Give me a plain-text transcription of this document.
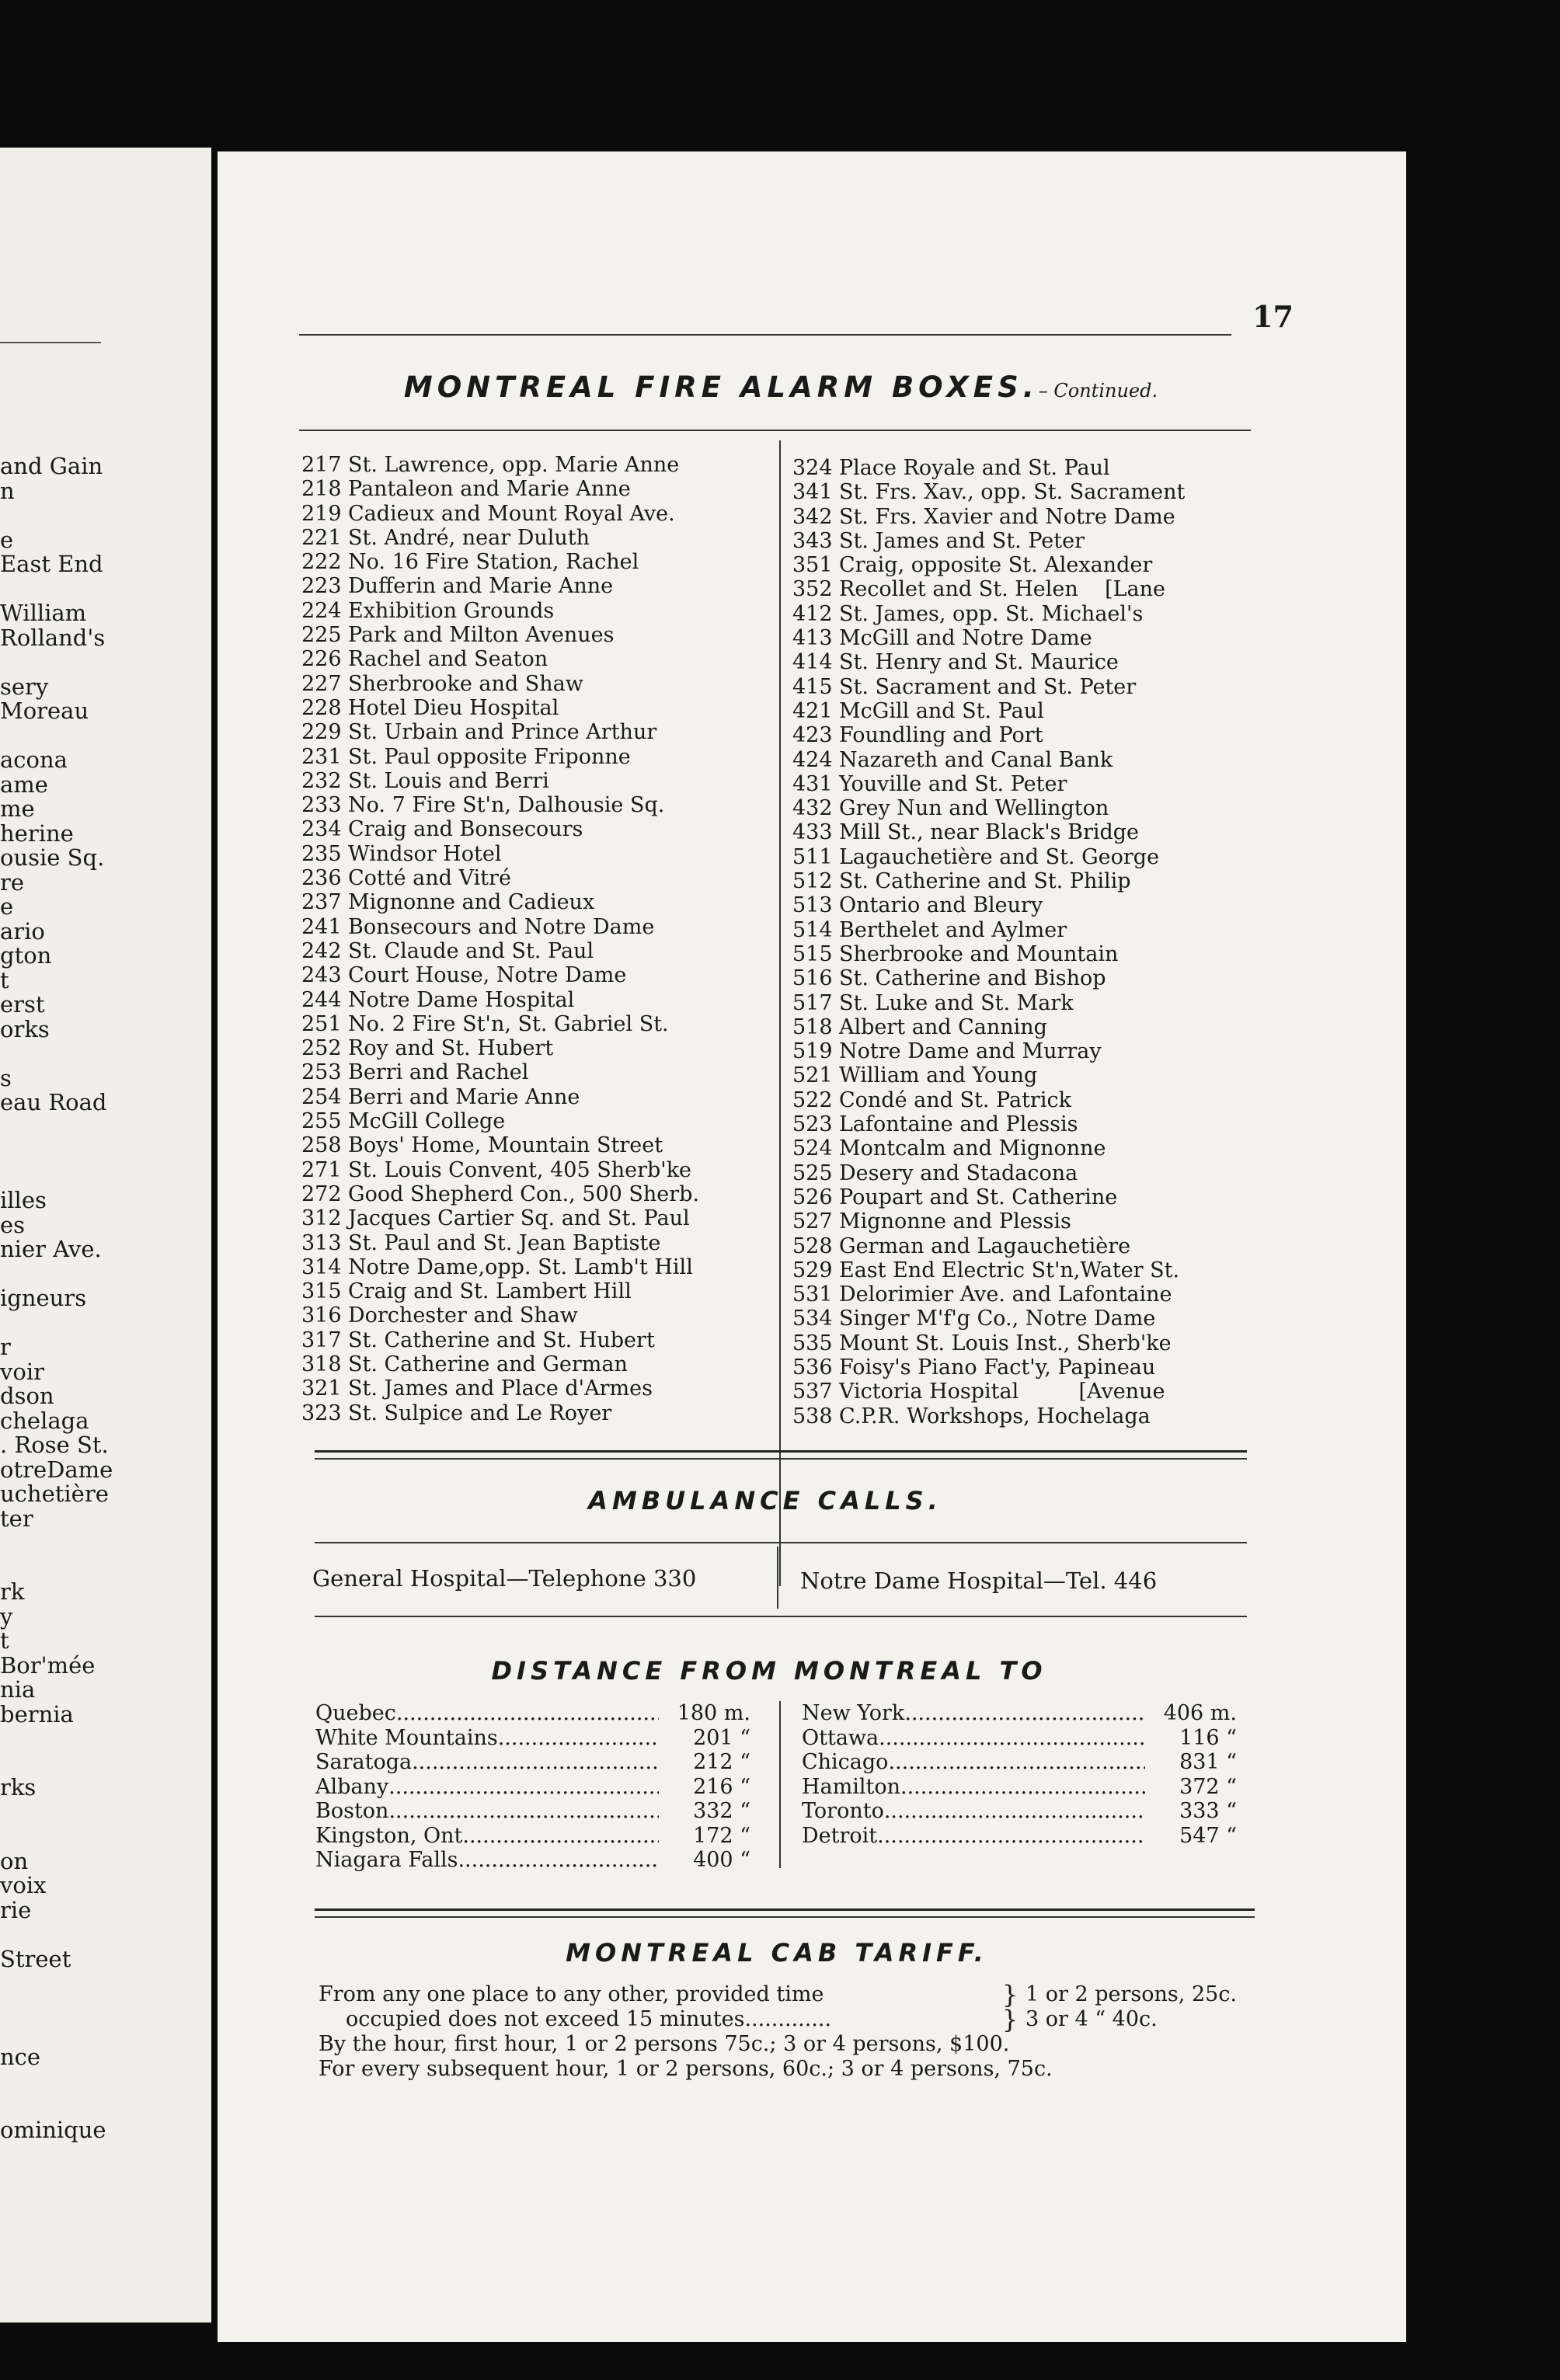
and Gain
n
e
East End
William
Rolland's
sery
Moreau
acona
ame
me
herine
ousie Sq.
re
e
ario
gton
t
erst
orks
s
eau Road
illes
es
nier Ave.
igneurs
r
voir
dson
chelaga
. Rose St.
otreDame
uchetière
ter
rk
y
t
Bor'mée
nia
bernia
rks
on
voix
rie
Street
nce
ominique
17
MONTREAL FIRE ALARM BOXES.– Continued.
217 St. Lawrence, opp. Marie Anne
218 Pantaleon and Marie Anne
219 Cadieux and Mount Royal Ave.
221 St. André, near Duluth
222 No. 16 Fire Station, Rachel
223 Dufferin and Marie Anne
224 Exhibition Grounds
225 Park and Milton Avenues
226 Rachel and Seaton
227 Sherbrooke and Shaw
228 Hotel Dieu Hospital
229 St. Urbain and Prince Arthur
231 St. Paul opposite Friponne
232 St. Louis and Berri
233 No. 7 Fire St'n, Dalhousie Sq.
234 Craig and Bonsecours
235 Windsor Hotel
236 Cotté and Vitré
237 Mignonne and Cadieux
241 Bonsecours and Notre Dame
242 St. Claude and St. Paul
243 Court House, Notre Dame
244 Notre Dame Hospital
251 No. 2 Fire St'n, St. Gabriel St.
252 Roy and St. Hubert
253 Berri and Rachel
254 Berri and Marie Anne
255 McGill College
258 Boys' Home, Mountain Street
271 St. Louis Convent, 405 Sherb'ke
272 Good Shepherd Con., 500 Sherb.
312 Jacques Cartier Sq. and St. Paul
313 St. Paul and St. Jean Baptiste
314 Notre Dame,opp. St. Lamb't Hill
315 Craig and St. Lambert Hill
316 Dorchester and Shaw
317 St. Catherine and St. Hubert
318 St. Catherine and German
321 St. James and Place d'Armes
323 St. Sulpice and Le Royer
324 Place Royale and St. Paul
341 St. Frs. Xav., opp. St. Sacrament
342 St. Frs. Xavier and Notre Dame
343 St. James and St. Peter
351 Craig, opposite St. Alexander
352 Recollet and St. Helen    [Lane
412 St. James, opp. St. Michael's
413 McGill and Notre Dame
414 St. Henry and St. Maurice
415 St. Sacrament and St. Peter
421 McGill and St. Paul
423 Foundling and Port
424 Nazareth and Canal Bank
431 Youville and St. Peter
432 Grey Nun and Wellington
433 Mill St., near Black's Bridge
511 Lagauchetière and St. George
512 St. Catherine and St. Philip
513 Ontario and Bleury
514 Berthelet and Aylmer
515 Sherbrooke and Mountain
516 St. Catherine and Bishop
517 St. Luke and St. Mark
518 Albert and Canning
519 Notre Dame and Murray
521 William and Young
522 Condé and St. Patrick
523 Lafontaine and Plessis
524 Montcalm and Mignonne
525 Desery and Stadacona
526 Poupart and St. Catherine
527 Mignonne and Plessis
528 German and Lagauchetière
529 East End Electric St'n,Water St.
531 Delorimier Ave. and Lafontaine
534 Singer M'f'g Co., Notre Dame
535 Mount St. Louis Inst., Sherb'ke
536 Foisy's Piano Fact'y, Papineau
537 Victoria Hospital         [Avenue
538 C.P.R. Workshops, Hochelaga
AMBULANCE CALLS.
General Hospital—Telephone 330	Notre Dame Hospital—Tel. 446
DISTANCE FROM MONTREAL TO
Quebec .....	180 m.
White Mountains .....	201 “
Saratoga .....	212 “
Albany .....	216 “
Boston .....	332 “
Kingston, Ont .....	172 “
Niagara Falls .....	400 “
New York .....	406 m.
Ottawa .....	116 “
Chicago .....	831 “
Hamilton .....	372 “
Toronto .....	333 “
Detroit .....	547 “
MONTREAL CAB TARIFF.
From any one place to any other, provided time	} 1 or 2 persons, 25c.
occupied does not exceed 15 minutes.............	} 3 or 4 “ 40c.
By the hour, first hour, 1 or 2 persons 75c.; 3 or 4 persons, $100.
For every subsequent hour, 1 or 2 persons, 60c.; 3 or 4 persons, 75c.
